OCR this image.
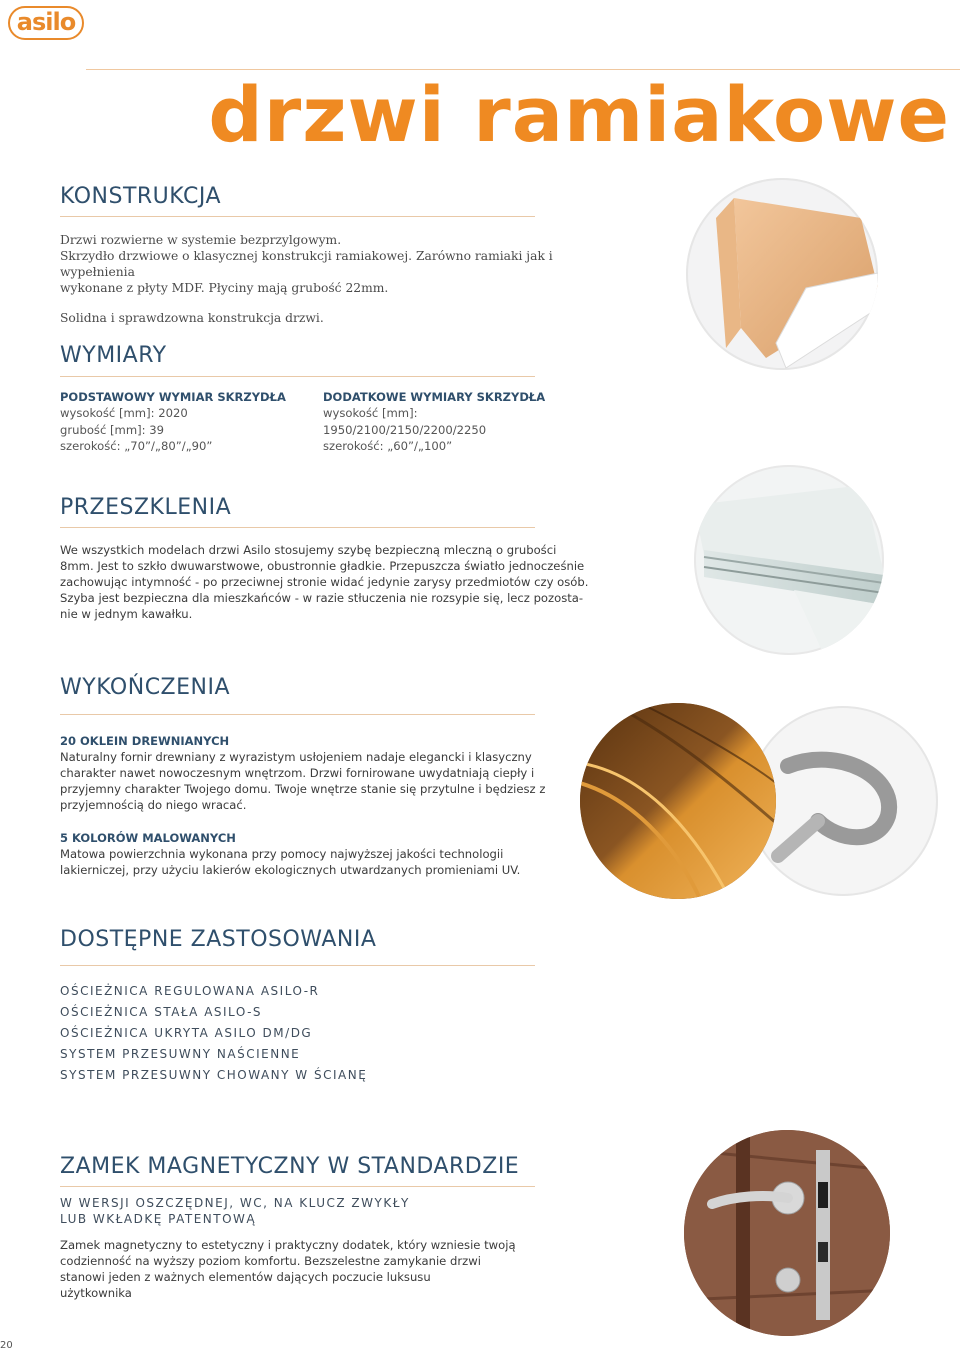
asilo
drzwi ramiakowe
KONSTRUKCJA
Drzwi rozwierne w systemie bezprzylgowym.
Skrzydło drzwiowe o klasycznej konstrukcji ramiakowej. Zarówno ramiaki jak i wypełnienia
wykonane z płyty MDF. Płyciny mają grubość 22mm.
Solidna i sprawdzowna konstrukcja drzwi.
WYMIARY
PODSTAWOWY WYMIAR SKRZYDŁA
wysokość [mm]: 2020
grubość [mm]: 39
szerokość: „70”/„80”/„90”
DODATKOWE WYMIARY SKRZYDŁA
wysokość [mm]:
1950/2100/2150/2200/2250
szerokość: „60”/„100”
PRZESZKLENIA
We wszystkich modelach drzwi Asilo stosujemy szybę bezpieczną mleczną o grubości
8mm. Jest to szkło dwuwarstwowe, obustronnie gładkie. Przepuszcza światło jednocześnie
zachowując intymność - po przeciwnej stronie widać jedynie zarysy przedmiotów czy osób.
Szyba jest bezpieczna dla mieszkańców - w razie stłuczenia nie rozsypie się, lecz pozosta-
nie w jednym kawałku.
WYKOŃCZENIA
20 OKLEIN DREWNIANYCH
Naturalny fornir drewniany z wyrazistym usłojeniem nadaje elegancki i klasyczny
charakter nawet nowoczesnym wnętrzom. Drzwi fornirowane uwydatniają ciepły i
przyjemny charakter Twojego domu. Twoje wnętrze stanie się przytulne i będziesz z
przyjemnością do niego wracać.
5 KOLORÓW MALOWANYCH
Matowa powierzchnia wykonana przy pomocy najwyższej jakości technologii
lakierniczej, przy użyciu lakierów ekologicznych utwardzanych promieniami UV.
DOSTĘPNE ZASTOSOWANIA
OŚCIEŻNICA REGULOWANA ASILO-R
OŚCIEŻNICA STAŁA ASILO-S
OŚCIEŻNICA UKRYTA ASILO DM/DG
SYSTEM PRZESUWNY NAŚCIENNE
SYSTEM PRZESUWNY CHOWANY W ŚCIANĘ
ZAMEK MAGNETYCZNY W STANDARDZIE
W WERSJI OSZCZĘDNEJ, WC, NA KLUCZ ZWYKŁY
LUB WKŁADKĘ PATENTOWĄ
Zamek magnetyczny to estetyczny i praktyczny dodatek, który wzniesie twoją
codzienność na wyższy poziom komfortu. Bezszelestne zamykanie drzwi
stanowi jeden z ważnych elementów dających poczucie luksusu
użytkownika
20
